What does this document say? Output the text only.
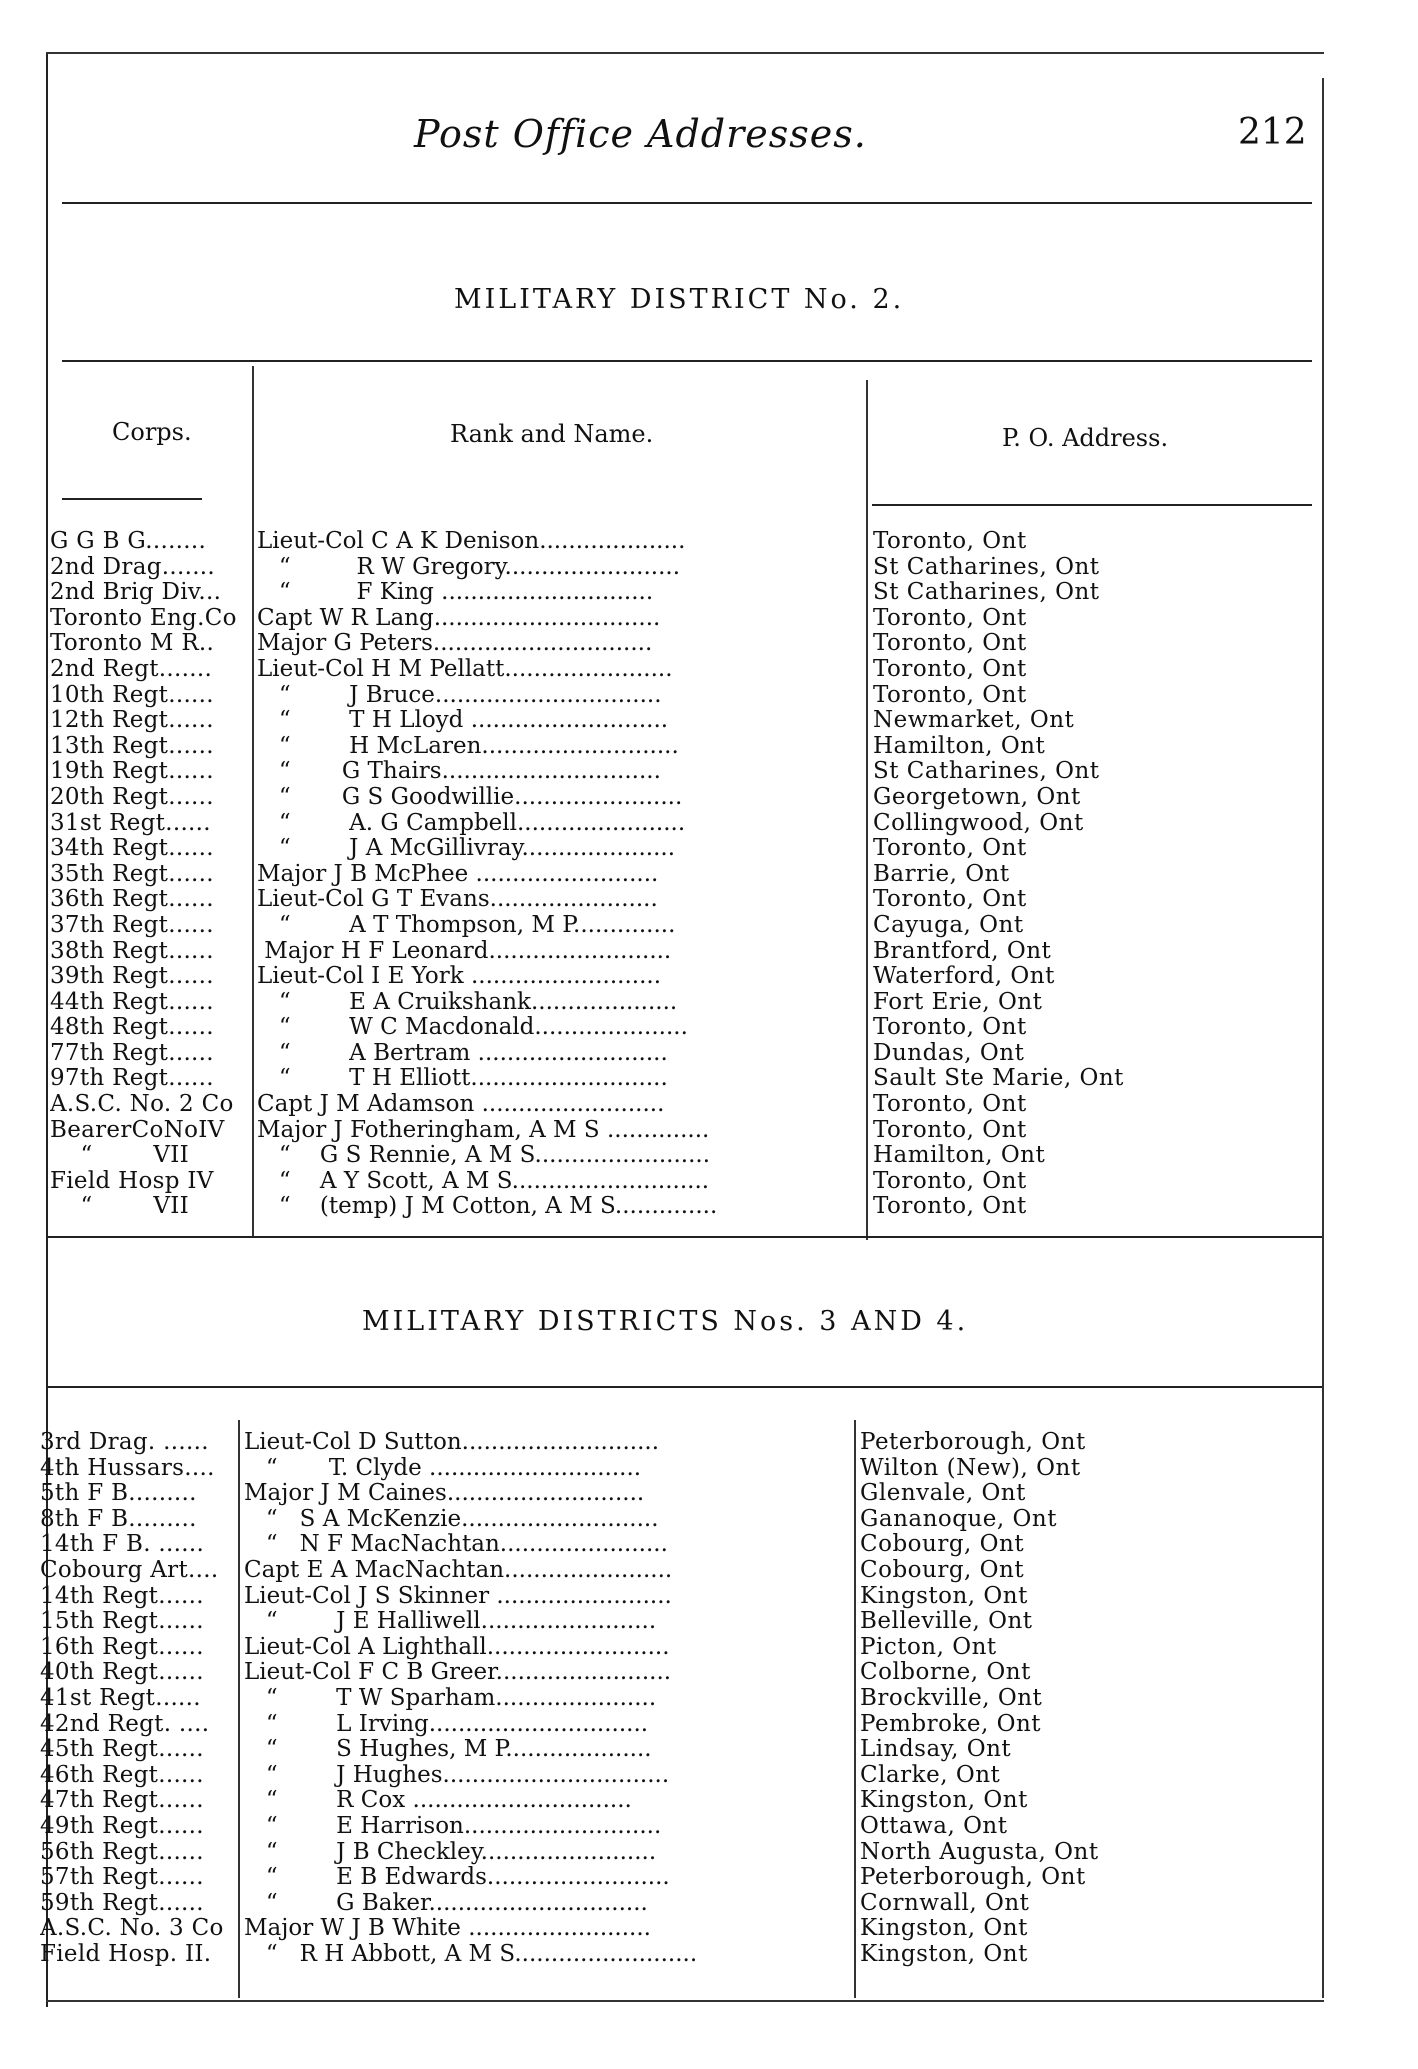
Post Office Addresses.	212
MILITARY DISTRICT No. 2.
Corps.	Rank and Name.	P. O. Address.
G G B G........	Lieut-Col C A K Denison....................	Toronto, Ont
2nd Drag.......	“         R W Gregory........................	St Catharines, Ont
2nd Brig Div...	“         F King .............................	St Catharines, Ont
Toronto Eng.Co	Capt W R Lang...............................	Toronto, Ont
Toronto M R..	Major G Peters..............................	Toronto, Ont
2nd Regt.......	Lieut-Col H M Pellatt.......................	Toronto, Ont
10th Regt......	“        J Bruce...............................	Toronto, Ont
12th Regt......	“        T H Lloyd ...........................	Newmarket, Ont
13th Regt......	“        H McLaren...........................	Hamilton, Ont
19th Regt......	“       G Thairs..............................	St Catharines, Ont
20th Regt......	“       G S Goodwillie.......................	Georgetown, Ont
31st Regt......	“        A. G Campbell.......................	Collingwood, Ont
34th Regt......	“        J A McGillivray.....................	Toronto, Ont
35th Regt......	Major J B McPhee .........................	Barrie, Ont
36th Regt......	Lieut-Col G T Evans.......................	Toronto, Ont
37th Regt......	“        A T Thompson, M P..............	Cayuga, Ont
38th Regt......	Major H F Leonard.........................	Brantford, Ont
39th Regt......	Lieut-Col I E York ..........................	Waterford, Ont
44th Regt......	“        E A Cruikshank....................	Fort Erie, Ont
48th Regt......	“        W C Macdonald.....................	Toronto, Ont
77th Regt......	“        A Bertram ..........................	Dundas, Ont
97th Regt......	“        T H Elliott...........................	Sault Ste Marie, Ont
A.S.C. No. 2 Co	Capt J M Adamson .........................	Toronto, Ont
BearerCoNoIV	Major J Fotheringham, A M S ..............	Toronto, Ont
“        VII	“    G S Rennie, A M S........................	Hamilton, Ont
Field Hosp IV	“    A Y Scott, A M S...........................	Toronto, Ont
“        VII	“    (temp) J M Cotton, A M S..............	Toronto, Ont
MILITARY DISTRICTS Nos. 3 AND 4.
3rd Drag. ......	Lieut-Col D Sutton...........................	Peterborough, Ont
4th Hussars....	“       T. Clyde .............................	Wilton (New), Ont
5th F B.........	Major J M Caines...........................	Glenvale, Ont
8th F B.........	“   S A McKenzie...........................	Gananoque, Ont
14th F B. ......	“   N F MacNachtan.......................	Cobourg, Ont
Cobourg Art....	Capt E A MacNachtan.......................	Cobourg, Ont
14th Regt......	Lieut-Col J S Skinner ........................	Kingston, Ont
15th Regt......	“        J E Halliwell........................	Belleville, Ont
16th Regt......	Lieut-Col A Lighthall.........................	Picton, Ont
40th Regt......	Lieut-Col F C B Greer........................	Colborne, Ont
41st Regt......	“        T W Sparham......................	Brockville, Ont
42nd Regt. ....	“        L Irving..............................	Pembroke, Ont
45th Regt......	“        S Hughes, M P....................	Lindsay, Ont
46th Regt......	“        J Hughes...............................	Clarke, Ont
47th Regt......	“        R Cox ..............................	Kingston, Ont
49th Regt......	“        E Harrison...........................	Ottawa, Ont
56th Regt......	“        J B Checkley........................	North Augusta, Ont
57th Regt......	“        E B Edwards.........................	Peterborough, Ont
59th Regt......	“        G Baker..............................	Cornwall, Ont
A.S.C. No. 3 Co	Major W J B White .........................	Kingston, Ont
Field Hosp. II.	“   R H Abbott, A M S.........................	Kingston, Ont
